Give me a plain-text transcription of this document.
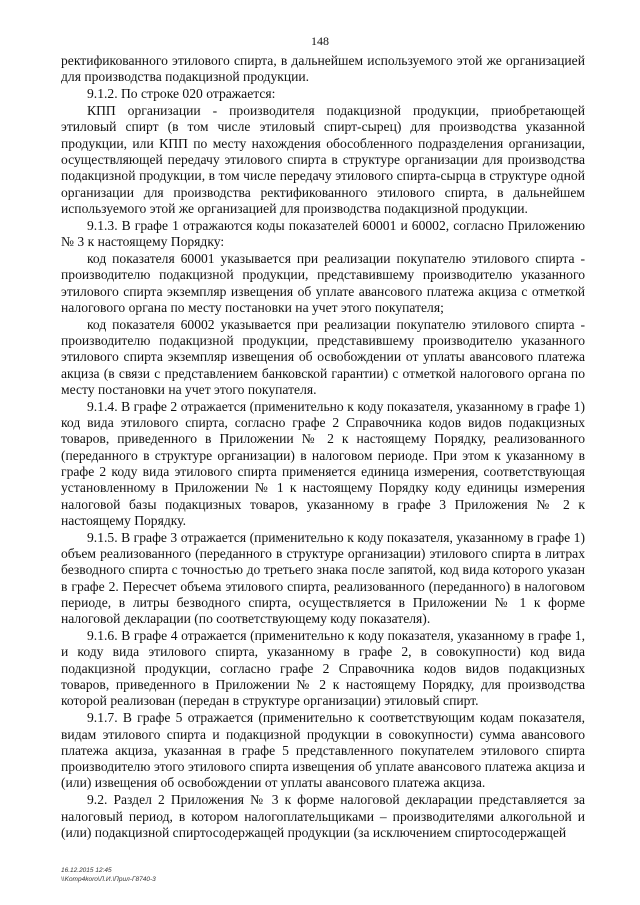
148

ректификованного этилового спирта, в дальнейшем используемого этой же организацией для производства подакцизной продукции.

9.1.2. По строке 020 отражается:

КПП организации - производителя подакцизной продукции, приобретающей этиловый спирт (в том числе этиловый спирт-сырец) для производства указанной продукции, или КПП по месту нахождения обособленного подразделения организации, осуществляющей передачу этилового спирта в структуре организации для производства подакцизной продукции, в том числе передачу этилового спирта-сырца в структуре одной организации для производства ректификованного этилового спирта, в дальнейшем используемого этой же организацией для производства подакцизной продукции.

9.1.3. В графе 1 отражаются коды показателей 60001 и 60002, согласно Приложению № 3 к настоящему Порядку:

код показателя 60001 указывается при реализации покупателю этилового спирта - производителю подакцизной продукции, представившему производителю указанного этилового спирта экземпляр извещения об уплате авансового платежа акциза с отметкой налогового органа по месту постановки на учет этого покупателя;

код показателя 60002 указывается при реализации покупателю этилового спирта - производителю подакцизной продукции, представившему производителю указанного этилового спирта экземпляр извещения об освобождении от уплаты авансового платежа акциза (в связи с представлением банковской гарантии) с отметкой налогового органа по месту постановки на учет этого покупателя.

9.1.4. В графе 2 отражается (применительно к коду показателя, указанному в графе 1) код вида этилового спирта, согласно графе 2 Справочника кодов видов подакцизных товаров, приведенного в Приложении № 2 к настоящему Порядку, реализованного (переданного в структуре организации) в налоговом периоде. При этом к указанному в графе 2 коду вида этилового спирта применяется единица измерения, соответствующая установленному в Приложении № 1 к настоящему Порядку коду единицы измерения налоговой базы подакцизных товаров, указанному в графе 3 Приложения № 2 к настоящему Порядку.

9.1.5. В графе 3 отражается (применительно к коду показателя, указанному в графе 1) объем реализованного (переданного в структуре организации) этилового спирта в литрах безводного спирта с точностью до третьего знака после запятой, код вида которого указан в графе 2. Пересчет объема этилового спирта, реализованного (переданного) в налоговом периоде, в литры безводного спирта, осуществляется в Приложении № 1 к форме налоговой декларации (по соответствующему коду показателя).

9.1.6. В графе 4 отражается (применительно к коду показателя, указанному в графе 1, и коду вида этилового спирта, указанному в графе 2, в совокупности) код вида подакцизной продукции, согласно графе 2 Справочника кодов видов подакцизных товаров, приведенного в Приложении № 2 к настоящему Порядку, для производства которой реализован (передан в структуре организации) этиловый спирт.

9.1.7. В графе 5 отражается (применительно к соответствующим кодам показателя, видам этилового спирта и подакцизной продукции в совокупности) сумма авансового платежа акциза, указанная в графе 5 представленного покупателем этилового спирта производителю этого этилового спирта извещения об уплате авансового платежа акциза и (или) извещения об освобождении от уплаты авансового платежа акциза.

9.2. Раздел 2 Приложения № 3 к форме налоговой декларации представляется за налоговый период, в котором налогоплательщиками – производителями алкогольной и (или) подакцизной спиртосодержащей продукции (за исключением спиртосодержащей

16.12.2015 12:45
\\Komp4koro\Л.И.\Прил-Г8740-3
